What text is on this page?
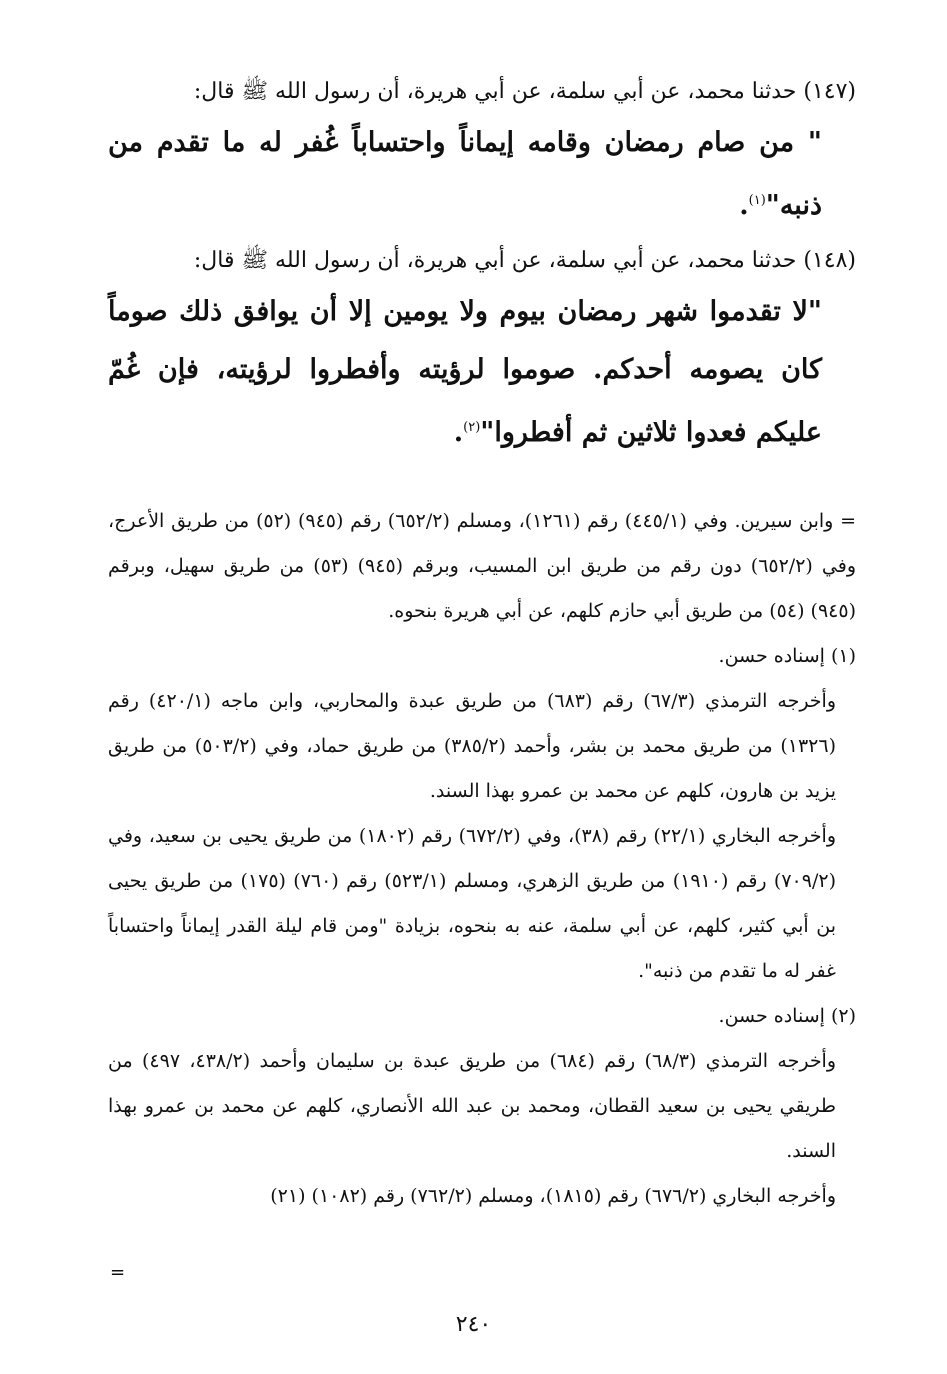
(١٤٧) حدثنا محمد، عن أبي سلمة، عن أبي هريرة، أن رسول الله ﷺ قال:

" من صام رمضان وقامه إيماناً واحتساباً غُفر له ما تقدم من ذنبه"$^{(١)}$.

(١٤٨) حدثنا محمد، عن أبي سلمة، عن أبي هريرة، أن رسول الله ﷺ قال:

"لا تقدموا شهر رمضان بيوم ولا يومين إلا أن يوافق ذلك صوماً كان يصومه أحدكم. صوموا لرؤيته وأفطروا لرؤيته، فإن غُمّ عليكم فعدوا ثلاثين ثم أفطروا"$^{(٢)}$.

= وابن سيرين. وفي (٤٤٥/١) رقم (١٢٦١)، ومسلم (٦٥٢/٢) رقم (٩٤٥) (٥٢) من طريق الأعرج، وفي (٦٥٢/٢) دون رقم من طريق ابن المسيب، وبرقم (٩٤٥) (٥٣) من طريق سهيل، وبرقم (٩٤٥) (٥٤) من طريق أبي حازم كلهم، عن أبي هريرة بنحوه.

(١) إسناده حسن.

وأخرجه الترمذي (٦٧/٣) رقم (٦٨٣) من طريق عبدة والمحاربي، وابن ماجه (٤٢٠/١) رقم (١٣٢٦) من طريق محمد بن بشر، وأحمد (٣٨٥/٢) من طريق حماد، وفي (٥٠٣/٢) من طريق يزيد بن هارون، كلهم عن محمد بن عمرو بهذا السند.

وأخرجه البخاري (٢٢/١) رقم (٣٨)، وفي (٦٧٢/٢) رقم (١٨٠٢) من طريق يحيى بن سعيد، وفي (٧٠٩/٢) رقم (١٩١٠) من طريق الزهري، ومسلم (٥٢٣/١) رقم (٧٦٠) (١٧٥) من طريق يحيى بن أبي كثير، كلهم، عن أبي سلمة، عنه به بنحوه، بزيادة "ومن قام ليلة القدر إيماناً واحتساباً غفر له ما تقدم من ذنبه".

(٢) إسناده حسن.

وأخرجه الترمذي (٦٨/٣) رقم (٦٨٤) من طريق عبدة بن سليمان وأحمد (٤٣٨/٢، ٤٩٧) من طريقي يحيى بن سعيد القطان، ومحمد بن عبد الله الأنصاري، كلهم عن محمد بن عمرو بهذا السند.

وأخرجه البخاري (٦٧٦/٢) رقم (١٨١٥)، ومسلم (٧٦٢/٢) رقم (١٠٨٢) (٢١)

=
٢٤٠
